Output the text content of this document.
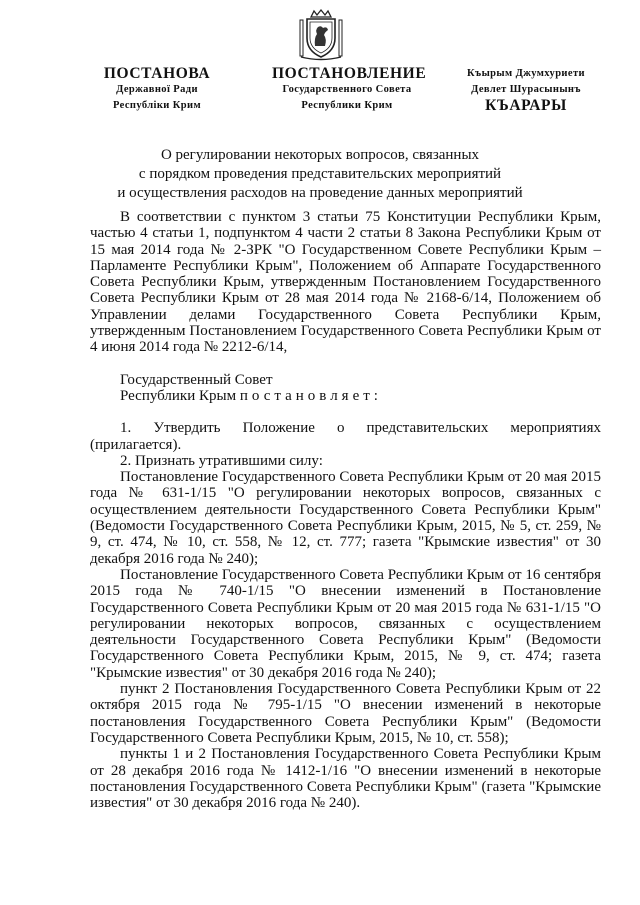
ПОСТАНОВА
Державної Ради
Республіки Крим
ПОСТАНОВЛЕНИЕ
Государственного Совета
Республики Крим
Къырым Джумхуриети
Девлет Шурасынынъ
КЪАРАРЫ
О регулировании некоторых вопросов, связанных
с порядком проведения представительских мероприятий
и осуществления расходов на проведение данных мероприятий

В соответствии с пунктом 3 статьи 75 Конституции Республики Крым, частью 4 статьи 1, подпунктом 4 части 2 статьи 8 Закона Республики Крым от 15 мая 2014 года № 2-ЗРК "О Государственном Совете Республики Крым – Парламенте Республики Крым", Положением об Аппарате Государственного Совета Республики Крым, утвержденным Постановлением Государственного Совета Республики Крым от 28 мая 2014 года № 2168-6/14, Положением об Управлении делами Государственного Совета Республики Крым, утвержденным Постановлением Государственного Совета Республики Крым от 4 июня 2014 года № 2212-6/14,

Государственный Совет

Республики Крым постановляет:

1. Утвердить Положение о представительских мероприятиях (прилагается).

2. Признать утратившими силу:

Постановление Государственного Совета Республики Крым от 20 мая 2015 года № 631-1/15 "О регулировании некоторых вопросов, связанных с осуществлением деятельности Государственного Совета Республики Крым" (Ведомости Государственного Совета Республики Крым, 2015, № 5, ст. 259, № 9, ст. 474, № 10, ст. 558, № 12, ст. 777; газета "Крымские известия" от 30 декабря 2016 года № 240);

Постановление Государственного Совета Республики Крым от 16 сентября 2015 года № 740-1/15 "О внесении изменений в Постановление Государственного Совета Республики Крым от 20 мая 2015 года № 631-1/15 "О регулировании некоторых вопросов, связанных с осуществлением деятельности Государственного Совета Республики Крым" (Ведомости Государственного Совета Республики Крым, 2015, № 9, ст. 474; газета "Крымские известия" от 30 декабря 2016 года № 240);

пункт 2 Постановления Государственного Совета Республики Крым от 22 октября 2015 года № 795-1/15 "О внесении изменений в некоторые постановления Государственного Совета Республики Крым" (Ведомости Государственного Совета Республики Крым, 2015, № 10, ст. 558);

пункты 1 и 2 Постановления Государственного Совета Республики Крым от 28 декабря 2016 года № 1412-1/16 "О внесении изменений в некоторые постановления Государственного Совета Республики Крым" (газета "Крымские известия" от 30 декабря 2016 года № 240).
